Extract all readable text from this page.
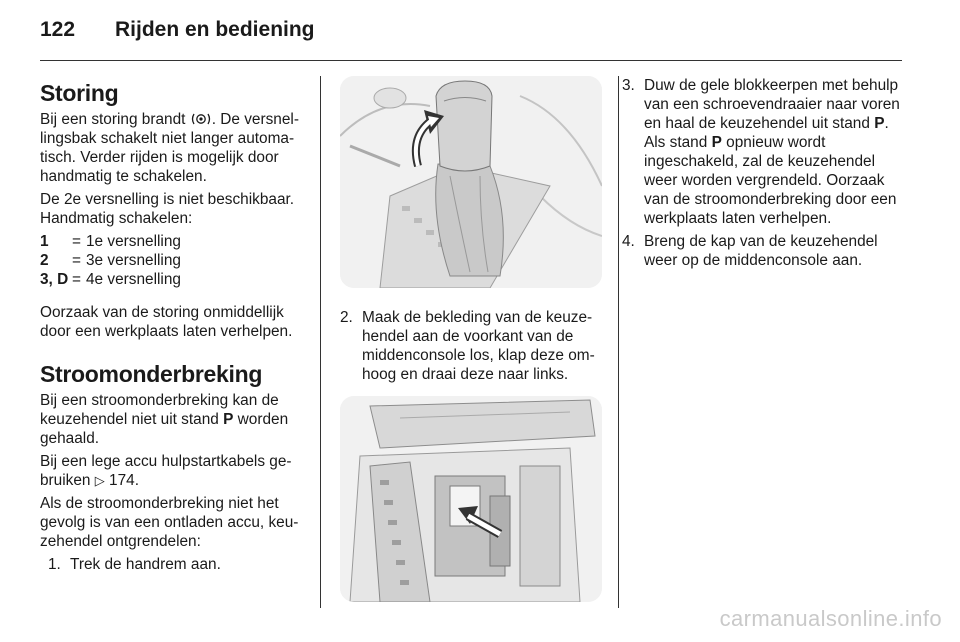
122	Rijden en bediening
Storing

Bij een storing brandt . De versnellingsbak schakelt niet langer automatisch. Verder rijden is mogelijk door handmatig te schakelen.

De 2e versnelling is niet beschikbaar. Handmatig schakelen:

1	= 1e versnelling
2	= 3e versnelling
3, D = 4e versnelling

Oorzaak van de storing onmiddellijk door een werkplaats laten verhelpen.

Stroomonderbreking

Bij een stroomonderbreking kan de keuzehendel niet uit stand P worden gehaald.

Bij een lege accu hulpstartkabels gebruiken ▷ 174.

Als de stroomonderbreking niet het gevolg is van een ontladen accu, keuzehendel ontgrendelen:

1. Trek de handrem aan.
2. Maak de bekleding van de keuzehendel aan de voorkant van de middenconsole los, klap deze omhoog en draai deze naar links.
3. Duw de gele blokkeerpen met behulp van een schroevendraaier naar voren en haal de keuzehendel uit stand P. Als stand P opnieuw wordt ingeschakeld, zal de keuzehendel weer worden vergrendeld. Oorzaak van de stroomonderbreking door een werkplaats laten verhelpen.
4. Breng de kap van de keuzehendel weer op de middenconsole aan.
carmanualsonline.info
